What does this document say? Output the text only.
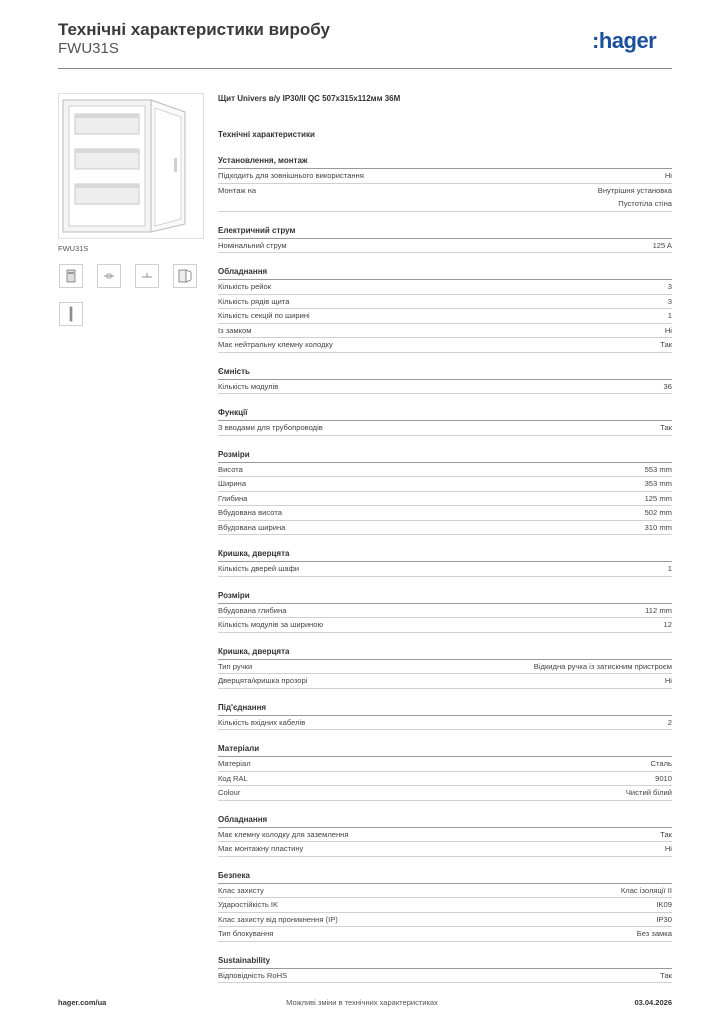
Технічні характеристики виробу
FWU31S	:hager
FWU31S
Щит Univers в/у IP30/II QC 507x315x112мм 36M
Технічні характеристики
Установлення, монтаж
Підходить для зовнішнього використання	Ні
Монтаж на	Внутрішня установка
Пустотіла стіна
Електричний струм
Номінальний струм	125 A
Обладнання
Кількість рейок	3
Кількість рядів щита	3
Кількість секцій по ширині	1
Із замком	Ні
Має нейтральну клемну колодку	Так
Ємність
Кількість модулів	36
Функції
З вводами для трубопроводів	Так
Розміри
Висота	553 mm
Ширина	353 mm
Глибина	125 mm
Вбудована висота	502 mm
Вбудована ширина	310 mm
Кришка, дверцята
Кількість дверей шафи	1
Розміри
Вбудована глибина	112 mm
Кількість модулів за шириною	12
Кришка, дверцята
Тип ручки	Відкидна ручка із затискним пристроєм
Дверцята/кришка прозорі	Ні
Під'єднання
Кількість вхідних кабелів	2
Матеріали
Матеріал	Сталь
Код RAL	9010
Colour	Чистий білий
Обладнання
Має клемну колодку для заземлення	Так
Має монтажну пластину	Ні
Безпека
Клас захисту	Клас ізоляції II
Ударостійкість IK	IK09
Клас захисту від проникнення (IP)	IP30
Тип блокування	Без замка
Sustainability
Відповідність RoHS	Так
hager.com/ua	Можливі зміни в технічних характеристиках	03.04.2026
